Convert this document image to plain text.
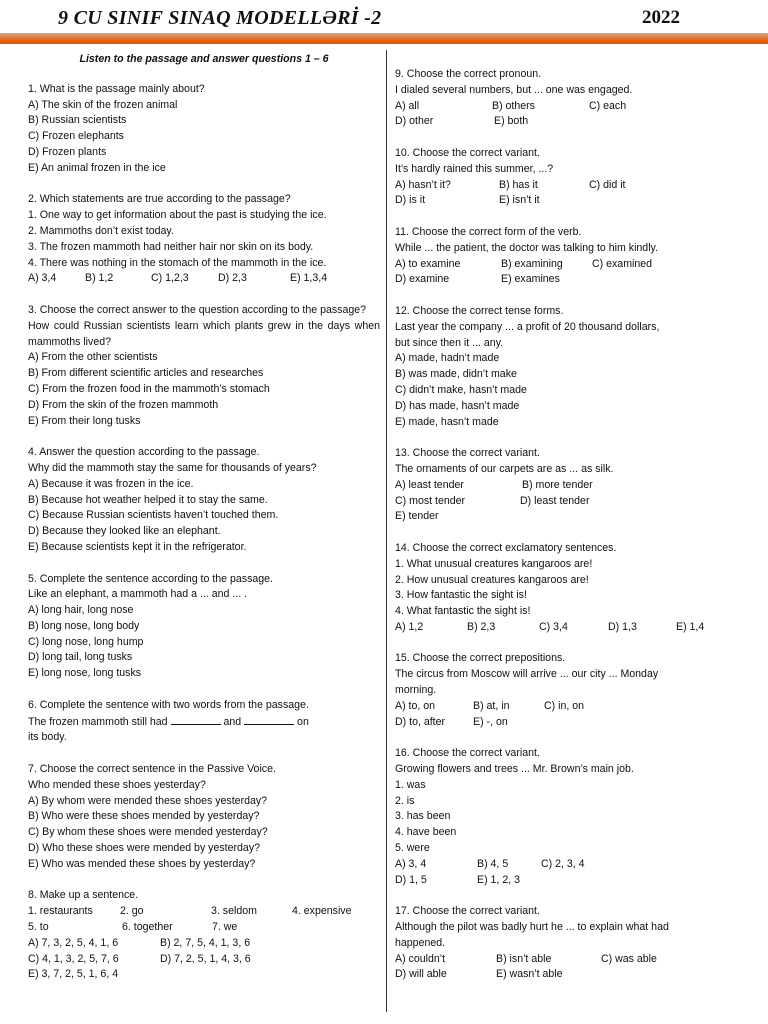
9 CU SINIF SINAQ MODELLƏRİ -2	2022
Listen to the passage and answer questions 1 – 6
1. What is the passage mainly about?
A) The skin of the frozen animal
B) Russian scientists
C) Frozen elephants
D) Frozen plants
E) An animal frozen in the ice
2. Which statements are true according to the passage?
1. One way to get information about the past is studying the ice.
2. Mammoths don’t exist today.
3. The frozen mammoth had neither hair nor skin on its body.
4. There was nothing in the stomach of the mammoth in the ice.
A) 3,4	B) 1,2	C) 1,2,3	D) 2,3	E) 1,3,4
3. Choose the correct answer to the question according to the passage?
How could Russian scientists learn which plants grew in the days when mammoths lived?
A) From the other scientists
B) From different scientific articles and researches
C) From the frozen food in the mammoth’s stomach
D) From the skin of the frozen mammoth
E) From their long tusks
4. Answer the question according to the passage.
Why did the mammoth stay the same for thousands of years?
A) Because it was frozen in the ice.
B) Because hot weather helped it to stay the same.
C) Because Russian scientists haven’t touched them.
D) Because they looked like an elephant.
E) Because scientists kept it in the refrigerator.
5. Complete the sentence according to the passage.
Like an elephant, a mammoth had a ... and ... .
A) long hair, long nose
B) long nose, long body
C) long nose, long hump
D) long tail, long tusks
E) long nose, long tusks
6. Complete the sentence with two words from the passage.
The frozen mammoth still had	and	on
its body.
7. Choose the correct sentence in the Passive Voice.
Who mended these shoes yesterday?
A) By whom were mended these shoes yesterday?
B) Who were these shoes mended by yesterday?
C) By whom these shoes were mended yesterday?
D) Who these shoes were mended by yesterday?
E) Who was mended these shoes by yesterday?
8. Make up a sentence.
1. restaurants	2. go	3. seldom	4. expensive
5. to	6. together	7. we
A) 7, 3, 2, 5, 4, 1, 6	B) 2, 7, 5, 4, 1, 3, 6
C) 4, 1, 3, 2, 5, 7, 6	D) 7, 2, 5, 1, 4, 3, 6
E) 3, 7, 2, 5, 1, 6, 4
9. Choose the correct pronoun.
I dialed several numbers, but ... one was engaged.
A) all	B) others	C) each
D) other	E) both
10. Choose the correct variant.
It’s hardly rained this summer, ...?
A) hasn’t it?	B) has it	C) did it
D) is it	E) isn’t it
11. Choose the correct form of the verb.
While ... the patient, the doctor was talking to him kindly.
A) to examine	B) examining	C) examined
D) examine	E) examines
12. Choose the correct tense forms.
Last year the company ... a profit of 20 thousand dollars,
but since then it ... any.
A) made, hadn’t made
B) was made, didn’t make
C) didn’t make, hasn’t made
D) has made, hasn’t made
E) made, hasn’t made
13. Choose the correct variant.
The ornaments of our carpets are as ... as silk.
A) least tender	B) more tender
C) most tender	D) least tender
E) tender
14. Choose the correct exclamatory sentences.
1. What unusual creatures kangaroos are!
2. How unusual creatures kangaroos are!
3. How fantastic the sight is!
4. What fantastic the sight is!
A) 1,2	B) 2,3	C) 3,4	D) 1,3	E) 1,4
15. Choose the correct prepositions.
The circus from Moscow will arrive ... our city ... Monday
morning.
A) to, on	B) at, in	C) in, on
D) to, after	E) -, on
16. Choose the correct variant.
Growing flowers and trees ... Mr. Brown’s main job.
1. was
2. is
3. has been
4. have been
5. were
A) 3, 4	B) 4, 5	C) 2, 3, 4
D) 1, 5	E) 1, 2, 3
17. Choose the correct variant.
Although the pilot was badly hurt he ... to explain what had
happened.
A) couldn’t	B) isn’t able	C) was able
D) will able	E) wasn’t able
